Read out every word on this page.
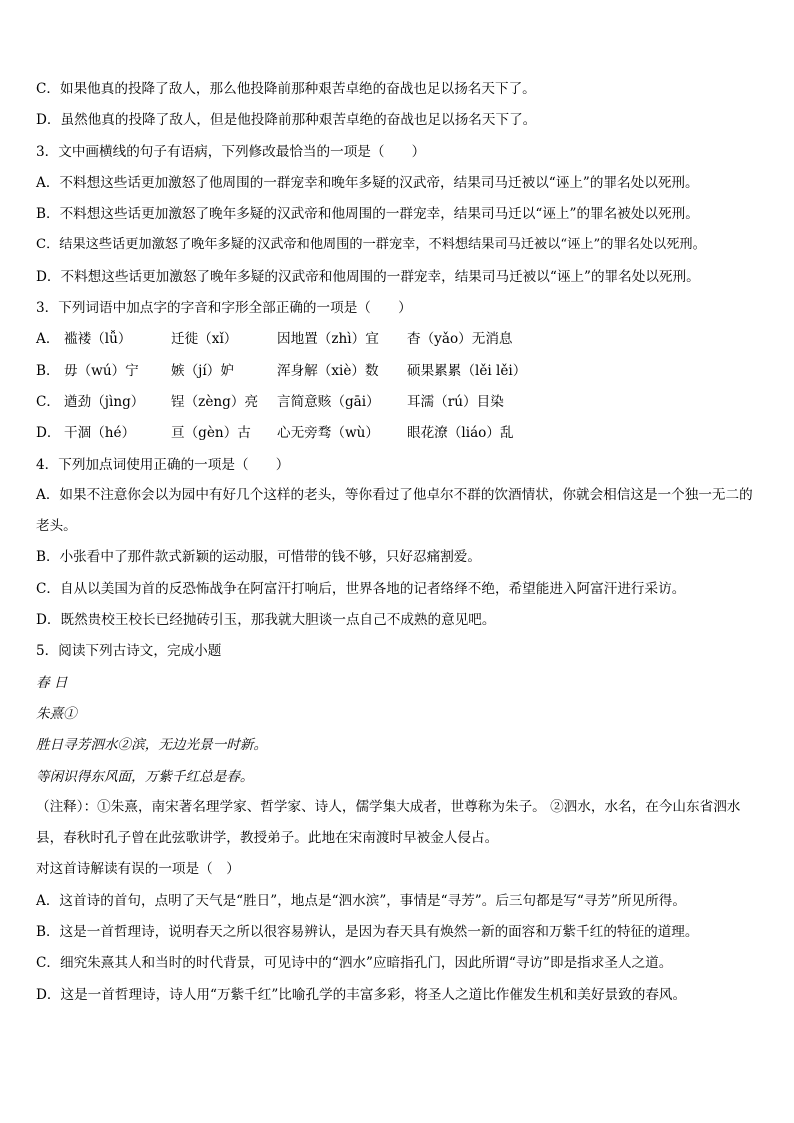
C．如果他真的投降了敌人，那么他投降前那种艰苦卓绝的奋战也足以扬名天下了。
D．虽然他真的投降了敌人，但是他投降前那种艰苦卓绝的奋战也足以扬名天下了。
3．文中画横线的句子有语病，下列修改最恰当的一项是（　　）
A．不料想这些话更加激怒了他周围的一群宠幸和晚年多疑的汉武帝，结果司马迁被以“诬上”的罪名处以死刑。
B．不料想这些话更加激怒了晚年多疑的汉武帝和他周围的一群宠幸，结果司马迁以“诬上”的罪名被处以死刑。
C．结果这些话更加激怒了晚年多疑的汉武帝和他周围的一群宠幸，不料想结果司马迁被以“诬上”的罪名处以死刑。
D．不料想这些话更加激怒了晚年多疑的汉武帝和他周围的一群宠幸，结果司马迁被以“诬上”的罪名处以死刑。
3．下列词语中加点字的字音和字形全部正确的一项是（　　）
A． 褴褛（lǚ）	迁徙（xǐ）	因地置（zhì）宜	杳（yǎo）无消息
B． 毋（wú）宁	嫉（jí）妒	浑身解（xiè）数	硕果累累（lěi lěi）
C． 遒劲（jìng）	锃（zèng）亮	言简意赅（gāi）	耳濡（rú）目染
D． 干涸（hé）	亘（gèn）古	心无旁骛（wù）	眼花潦（liáo）乱
4．下列加点词使用正确的一项是（　　）
A．如果不注意你会以为园中有好几个这样的老头，等你看过了他卓尔不群的饮酒情状，你就会相信这是一个独一无二的老头。
B．小张看中了那件款式新颖的运动服，可惜带的钱不够，只好忍痛割爱。
C．自从以美国为首的反恐怖战争在阿富汗打响后，世界各地的记者络绎不绝，希望能进入阿富汗进行采访。
D．既然贵校王校长已经抛砖引玉，那我就大胆谈一点自己不成熟的意见吧。
5．阅读下列古诗文，完成小题
春 日
朱熹①
胜日寻芳泗水②滨，无边光景一时新。
等闲识得东风面，万紫千红总是春。
（注释）：①朱熹，南宋著名理学家、哲学家、诗人，儒学集大成者，世尊称为朱子。 ②泗水，水名，在今山东省泗水县，春秋时孔子曾在此弦歌讲学，教授弟子。此地在宋南渡时早被金人侵占。
对这首诗解读有误的一项是（　）
A．这首诗的首句，点明了天气是“胜日”，地点是“泗水滨”，事情是“寻芳”。后三句都是写“寻芳”所见所得。
B．这是一首哲理诗，说明春天之所以很容易辨认，是因为春天具有焕然一新的面容和万紫千红的特征的道理。
C．细究朱熹其人和当时的时代背景，可见诗中的“泗水”应暗指孔门，因此所谓“寻访”即是指求圣人之道。
D．这是一首哲理诗，诗人用“万紫千红”比喻孔学的丰富多彩，将圣人之道比作催发生机和美好景致的春风。
